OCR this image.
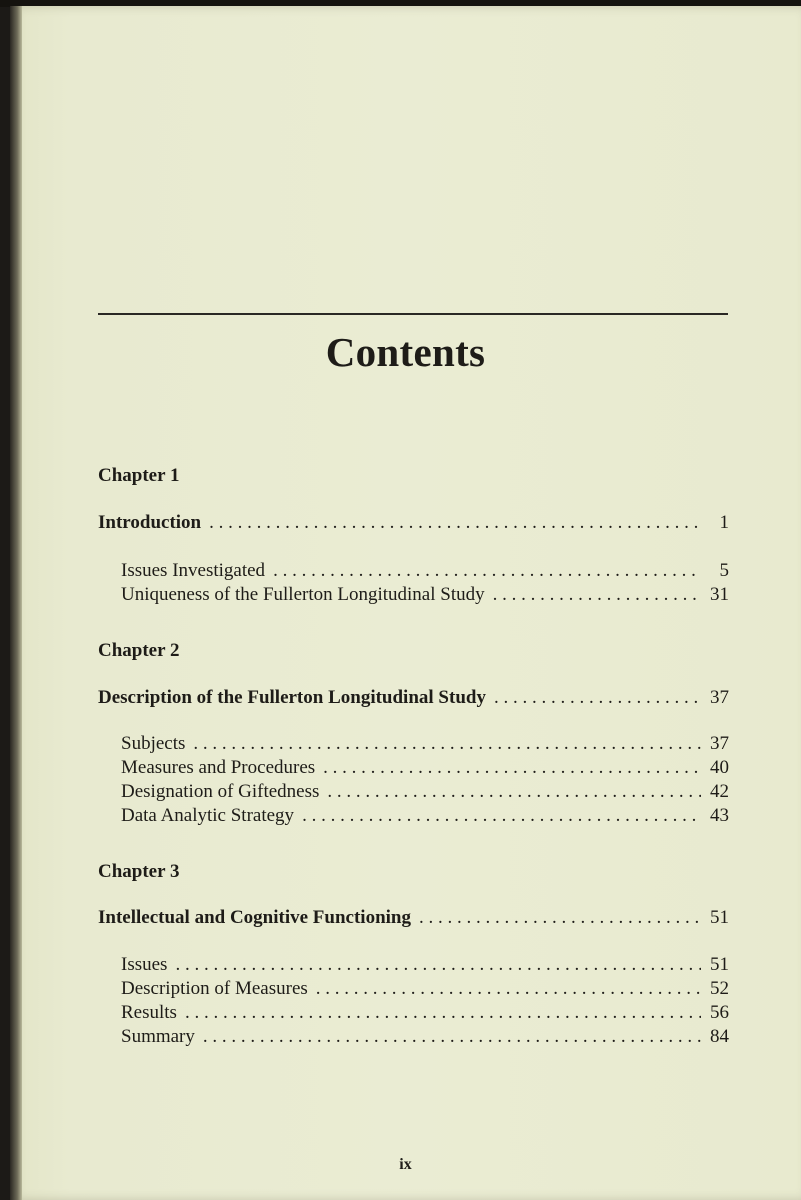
Contents
Chapter 1
Introduction . . .	1
Issues Investigated . . .	5
Uniqueness of the Fullerton Longitudinal Study . . .	31
Chapter 2
Description of the Fullerton Longitudinal Study . . .	37
Subjects . . .	37
Measures and Procedures . . .	40
Designation of Giftedness . . .	42
Data Analytic Strategy . . .	43
Chapter 3
Intellectual and Cognitive Functioning . . .	51
Issues . . .	51
Description of Measures . . .	52
Results . . .	56
Summary . . .	84
ix
